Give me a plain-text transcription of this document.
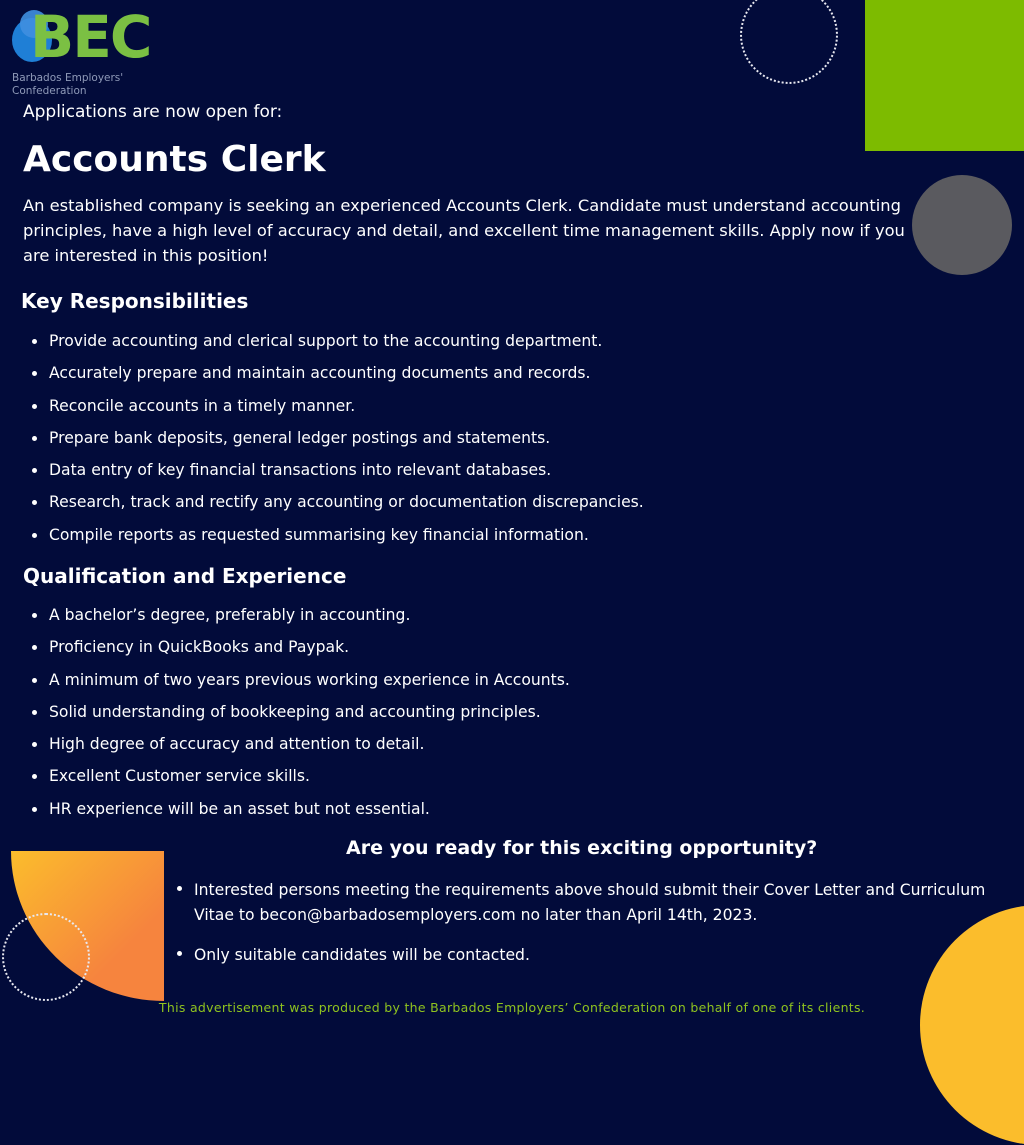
BEC
Barbados Employers'
Confederation
Applications are now open for:
Accounts Clerk

An established company is seeking an experienced Accounts Clerk. Candidate must understand accounting principles, have a high level of accuracy and detail, and excellent time management skills. Apply now if you are interested in this position!

Key Responsibilities
Provide accounting and clerical support to the accounting department.
Accurately prepare and maintain accounting documents and records.
Reconcile accounts in a timely manner.
Prepare bank deposits, general ledger postings and statements.
Data entry of key financial transactions into relevant databases.
Research, track and rectify any accounting or documentation discrepancies.
Compile reports as requested summarising key financial information.
Qualification and Experience
A bachelor’s degree, preferably in accounting.
Proficiency in QuickBooks and Paypak.
A minimum of two years previous working experience in Accounts.
Solid understanding of bookkeeping and accounting principles.
High degree of accuracy and attention to detail.
Excellent Customer service skills.
HR experience will be an asset but not essential.
Are you ready for this exciting opportunity?
Interested persons meeting the requirements above should submit their Cover Letter and Curriculum Vitae to becon@barbadosemployers.com no later than April 14th, 2023.
Only suitable candidates will be contacted.
This advertisement was produced by the Barbados Employers’ Confederation on behalf of one of its clients.
